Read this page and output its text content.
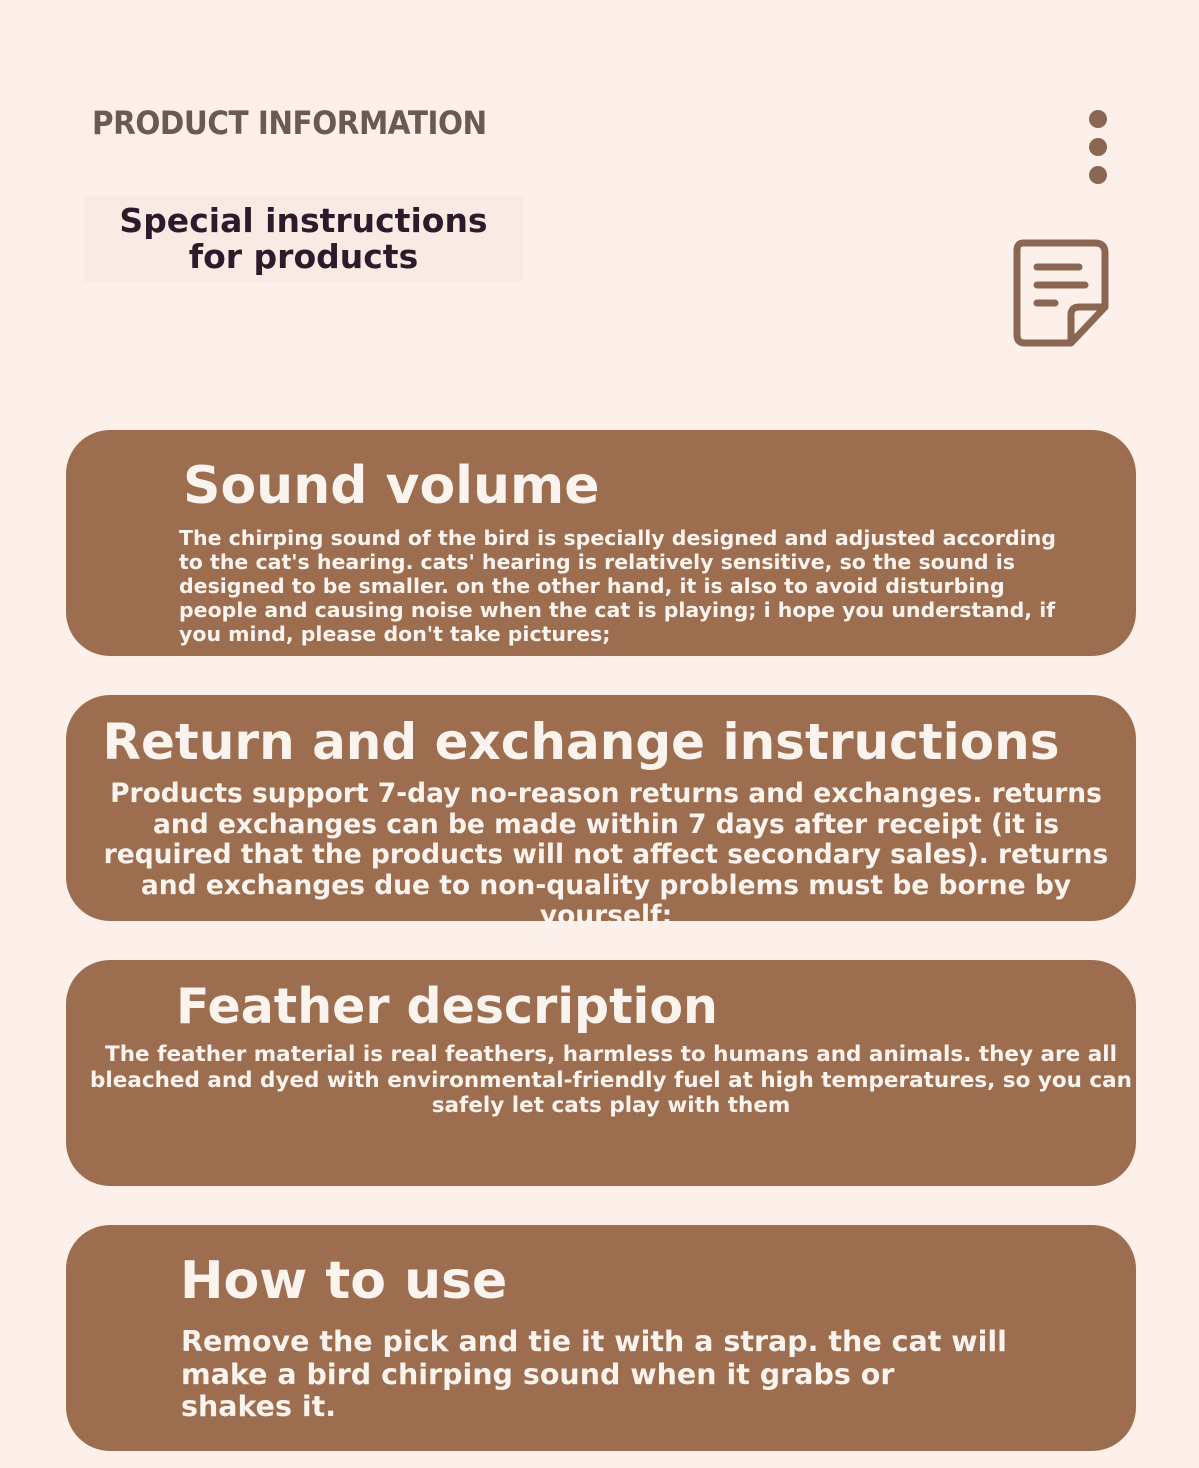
PRODUCT INFORMATION
Special instructions for products
Sound volume

The chirping sound of the bird is specially designed and adjusted according to the cat's hearing. cats' hearing is relatively sensitive, so the sound is designed to be smaller. on the other hand, it is also to avoid disturbing people and causing noise when the cat is playing; i hope you understand, if you mind, please don't take pictures;

Return and exchange instructions

Products support 7-day no-reason returns and exchanges. returns and exchanges can be made within 7 days after receipt (it is required that the products will not affect secondary sales). returns and exchanges due to non-quality problems must be borne by yourself;

Feather description

The feather material is real feathers, harmless to humans and animals. they are all bleached and dyed with environmental-friendly fuel at high temperatures, so you can safely let cats play with them

How to use

Remove the pick and tie it with a strap. the cat will make a bird chirping sound when it grabs or shakes it.
